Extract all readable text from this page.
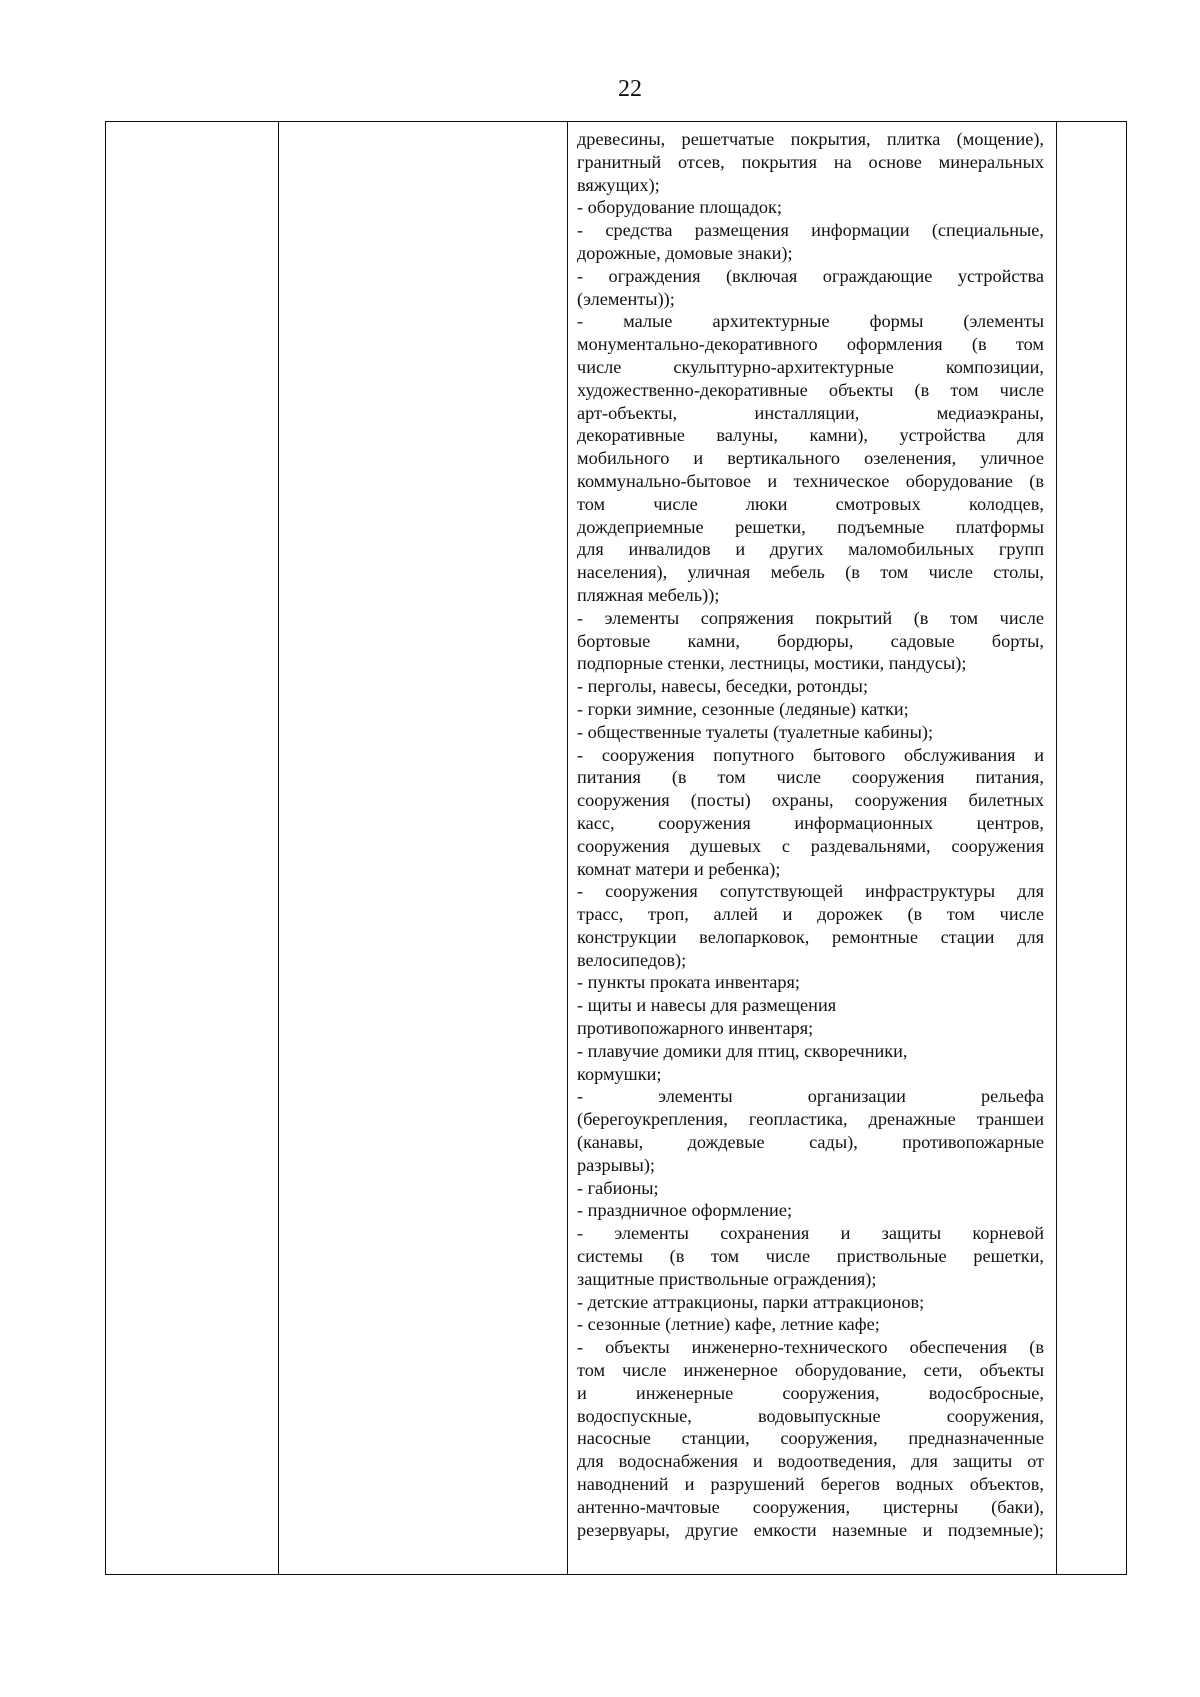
22
древесины, решетчатые покрытия, плитка (мощение),
гранитный отсев, покрытия на основе минеральных
вяжущих);
- оборудование площадок;
- средства размещения информации (специальные,
дорожные, домовые знаки);
- ограждения (включая ограждающие устройства
(элементы));
- малые архитектурные формы (элементы
монументально-декоративного оформления (в том
числе скульптурно-архитектурные композиции,
художественно-декоративные объекты (в том числе
арт-объекты, инсталляции, медиаэкраны,
декоративные валуны, камни), устройства для
мобильного и вертикального озеленения, уличное
коммунально-бытовое и техническое оборудование (в
том числе люки смотровых колодцев,
дождеприемные решетки, подъемные платформы
для инвалидов и других маломобильных групп
населения), уличная мебель (в том числе столы,
пляжная мебель));
- элементы сопряжения покрытий (в том числе
бортовые камни, бордюры, садовые борты,
подпорные стенки, лестницы, мостики, пандусы);
- перголы, навесы, беседки, ротонды;
- горки зимние, сезонные (ледяные) катки;
- общественные туалеты (туалетные кабины);
- сооружения попутного бытового обслуживания и
питания (в том числе сооружения питания,
сооружения (посты) охраны, сооружения билетных
касс, сооружения информационных центров,
сооружения душевых с раздевальнями, сооружения
комнат матери и ребенка);
- сооружения сопутствующей инфраструктуры для
трасс, троп, аллей и дорожек (в том числе
конструкции велопарковок, ремонтные стации для
велосипедов);
- пункты проката инвентаря;
- щиты и навесы для размещения
противопожарного инвентаря;
- плавучие домики для птиц, скворечники,
кормушки;
- элементы организации рельефа
(берегоукрепления, геопластика, дренажные траншеи
(канавы, дождевые сады), противопожарные
разрывы);
- габионы;
- праздничное оформление;
- элементы сохранения и защиты корневой
системы (в том числе приствольные решетки,
защитные приствольные ограждения);
- детские аттракционы, парки аттракционов;
- сезонные (летние) кафе, летние кафе;
- объекты инженерно-технического обеспечения (в
том числе инженерное оборудование, сети, объекты
и инженерные сооружения, водосбросные,
водоспускные, водовыпускные сооружения,
насосные станции, сооружения, предназначенные
для водоснабжения и водоотведения, для защиты от
наводнений и разрушений берегов водных объектов,
антенно-мачтовые сооружения, цистерны (баки),
резервуары, другие емкости наземные и подземные);
